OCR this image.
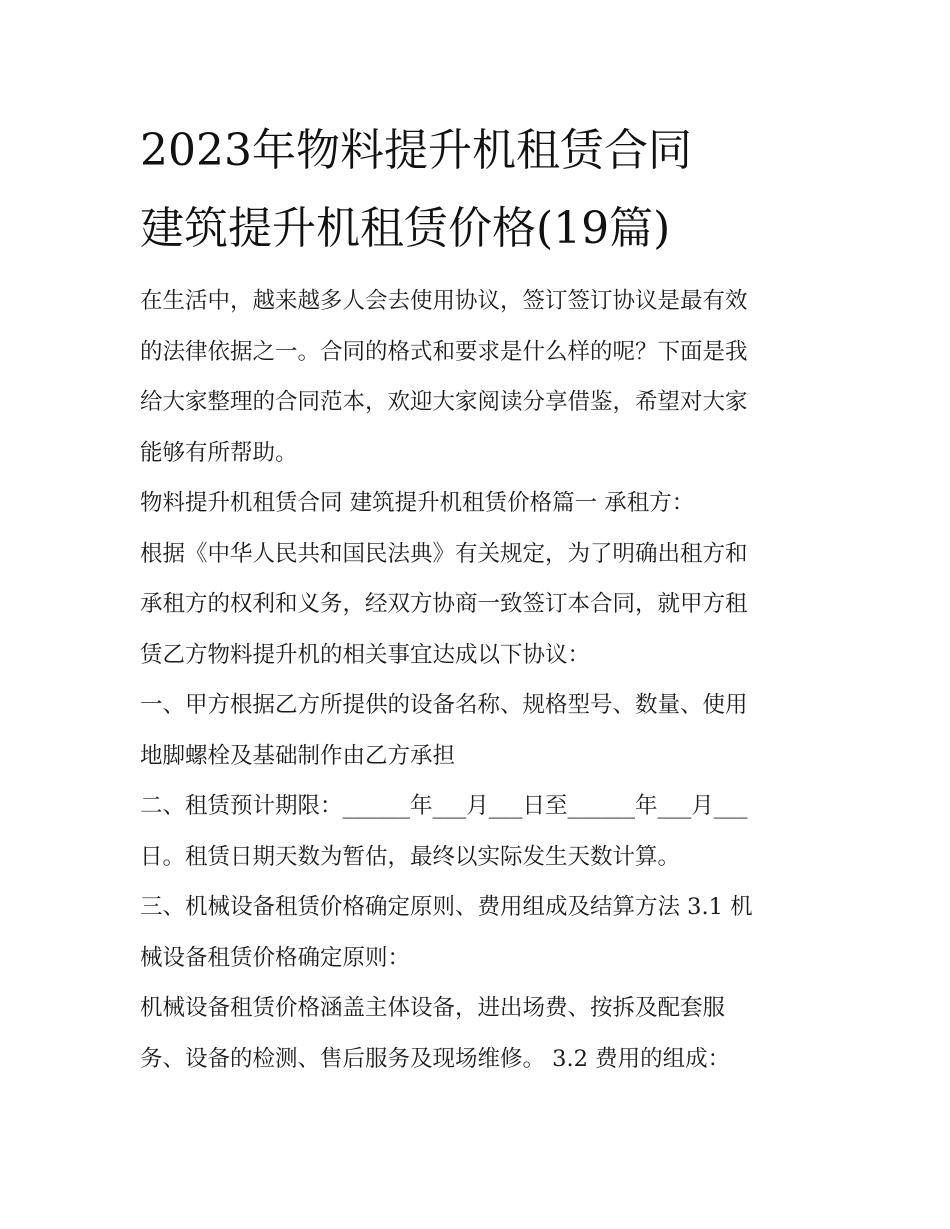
2023年物料提升机租赁合同
建筑提升机租赁价格(19篇)
在生活中，越来越多人会去使用协议，签订签订协议是最有效
的法律依据之一。合同的格式和要求是什么样的呢？下面是我
给大家整理的合同范本，欢迎大家阅读分享借鉴，希望对大家
能够有所帮助。
物料提升机租赁合同 建筑提升机租赁价格篇一 承租方：
根据《中华人民共和国民法典》有关规定，为了明确出租方和
承租方的权利和义务，经双方协商一致签订本合同，就甲方租
赁乙方物料提升机的相关事宜达成以下协议：
一、甲方根据乙方所提供的设备名称、规格型号、数量、使用
地脚螺栓及基础制作由乙方承担
二、租赁预计期限：______年___月___日至______年___月___
日。租赁日期天数为暂估，最终以实际发生天数计算。
三、机械设备租赁价格确定原则、费用组成及结算方法 3.1 机
械设备租赁价格确定原则：
机械设备租赁价格涵盖主体设备，进出场费、按拆及配套服
务、设备的检测、售后服务及现场维修。 3.2 费用的组成：
